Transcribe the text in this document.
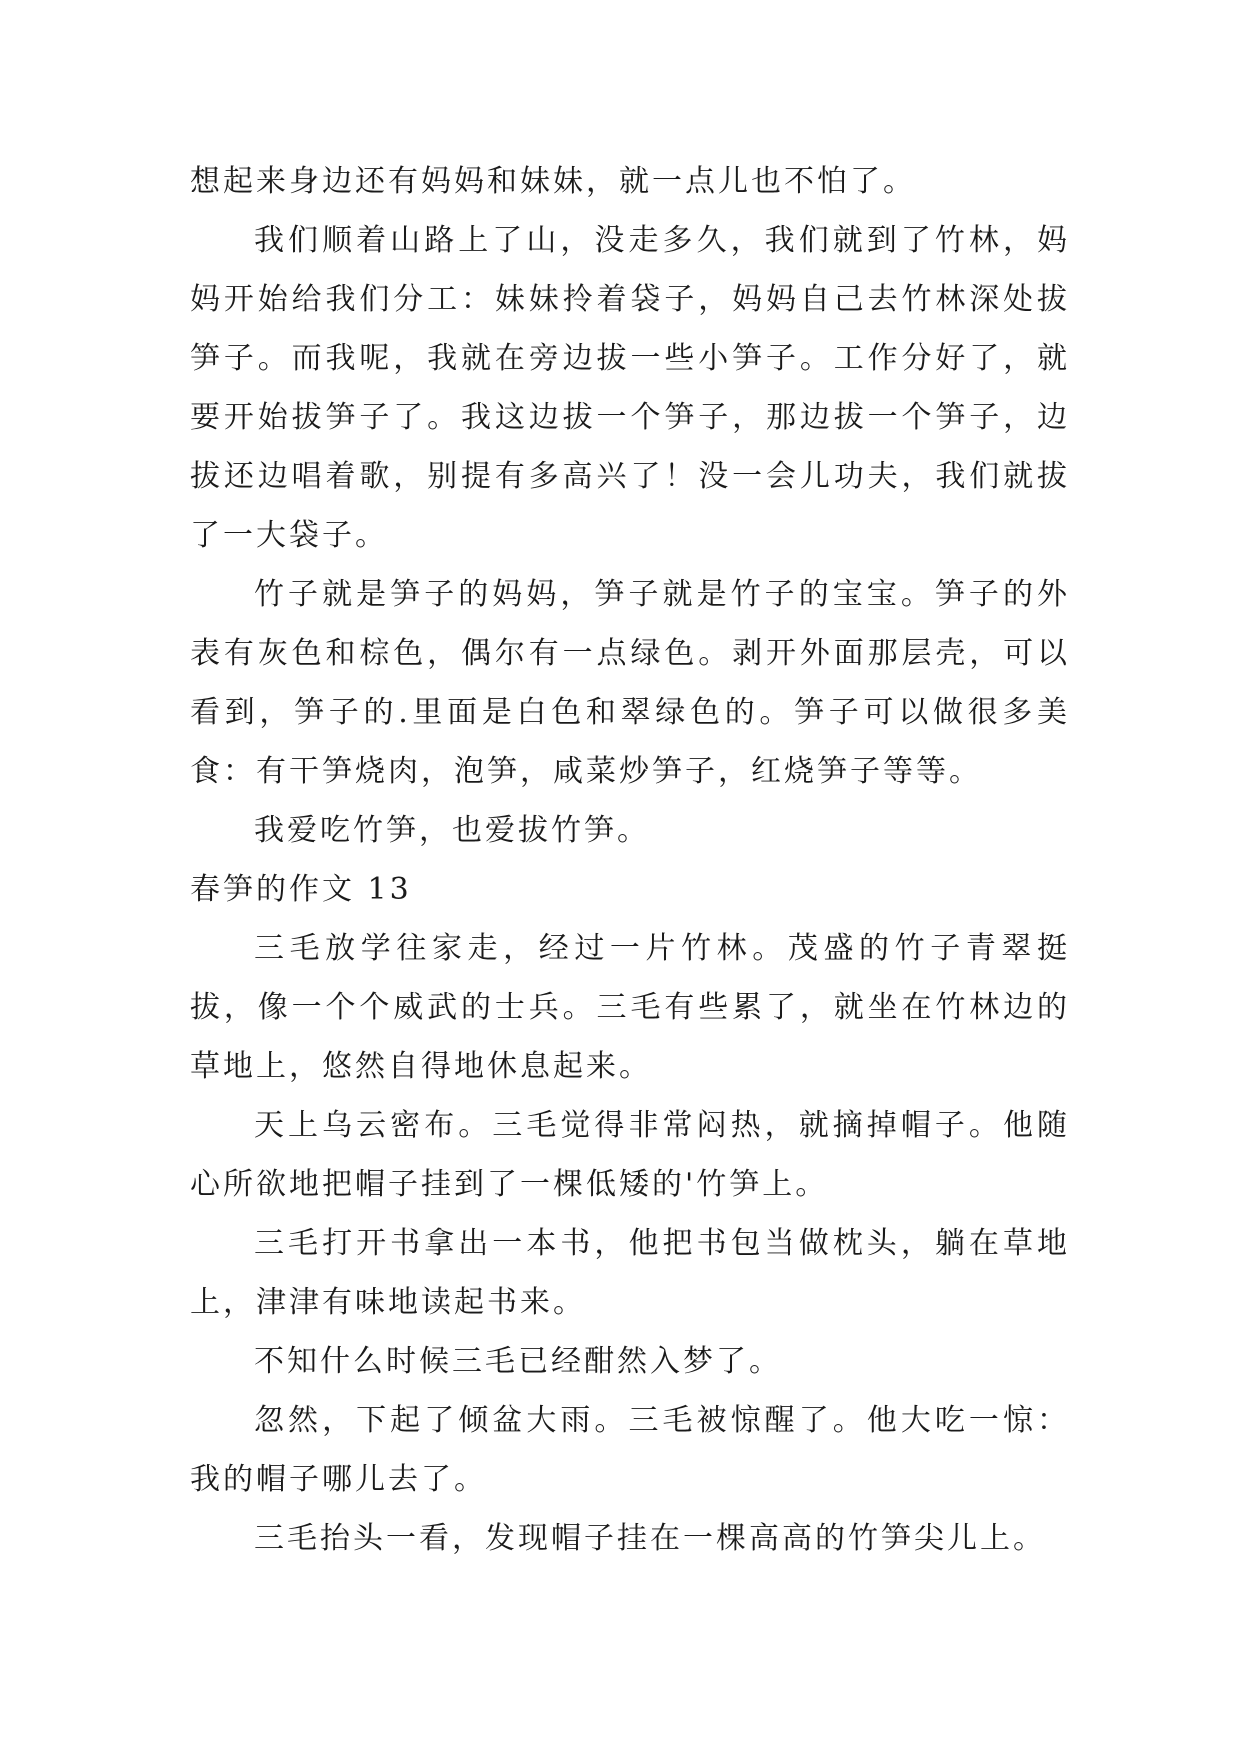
想起来身边还有妈妈和妹妹，就一点儿也不怕了。

我们顺着山路上了山，没走多久，我们就到了竹林，妈妈开始给我们分工：妹妹拎着袋子，妈妈自己去竹林深处拔笋子。而我呢，我就在旁边拔一些小笋子。工作分好了，就要开始拔笋子了。我这边拔一个笋子，那边拔一个笋子，边拔还边唱着歌，别提有多高兴了！没一会儿功夫，我们就拔了一大袋子。

竹子就是笋子的妈妈，笋子就是竹子的宝宝。笋子的外表有灰色和棕色，偶尔有一点绿色。剥开外面那层壳，可以看到，笋子的.里面是白色和翠绿色的。笋子可以做很多美食：有干笋烧肉，泡笋，咸菜炒笋子，红烧笋子等等。

我爱吃竹笋，也爱拔竹笋。

春笋的作文 13

三毛放学往家走，经过一片竹林。茂盛的竹子青翠挺拔，像一个个威武的士兵。三毛有些累了，就坐在竹林边的草地上，悠然自得地休息起来。

天上乌云密布。三毛觉得非常闷热，就摘掉帽子。他随心所欲地把帽子挂到了一棵低矮的'竹笋上。

三毛打开书拿出一本书，他把书包当做枕头，躺在草地上，津津有味地读起书来。

不知什么时候三毛已经酣然入梦了。

忽然，下起了倾盆大雨。三毛被惊醒了。他大吃一惊：我的帽子哪儿去了。

三毛抬头一看，发现帽子挂在一棵高高的竹笋尖儿上。
